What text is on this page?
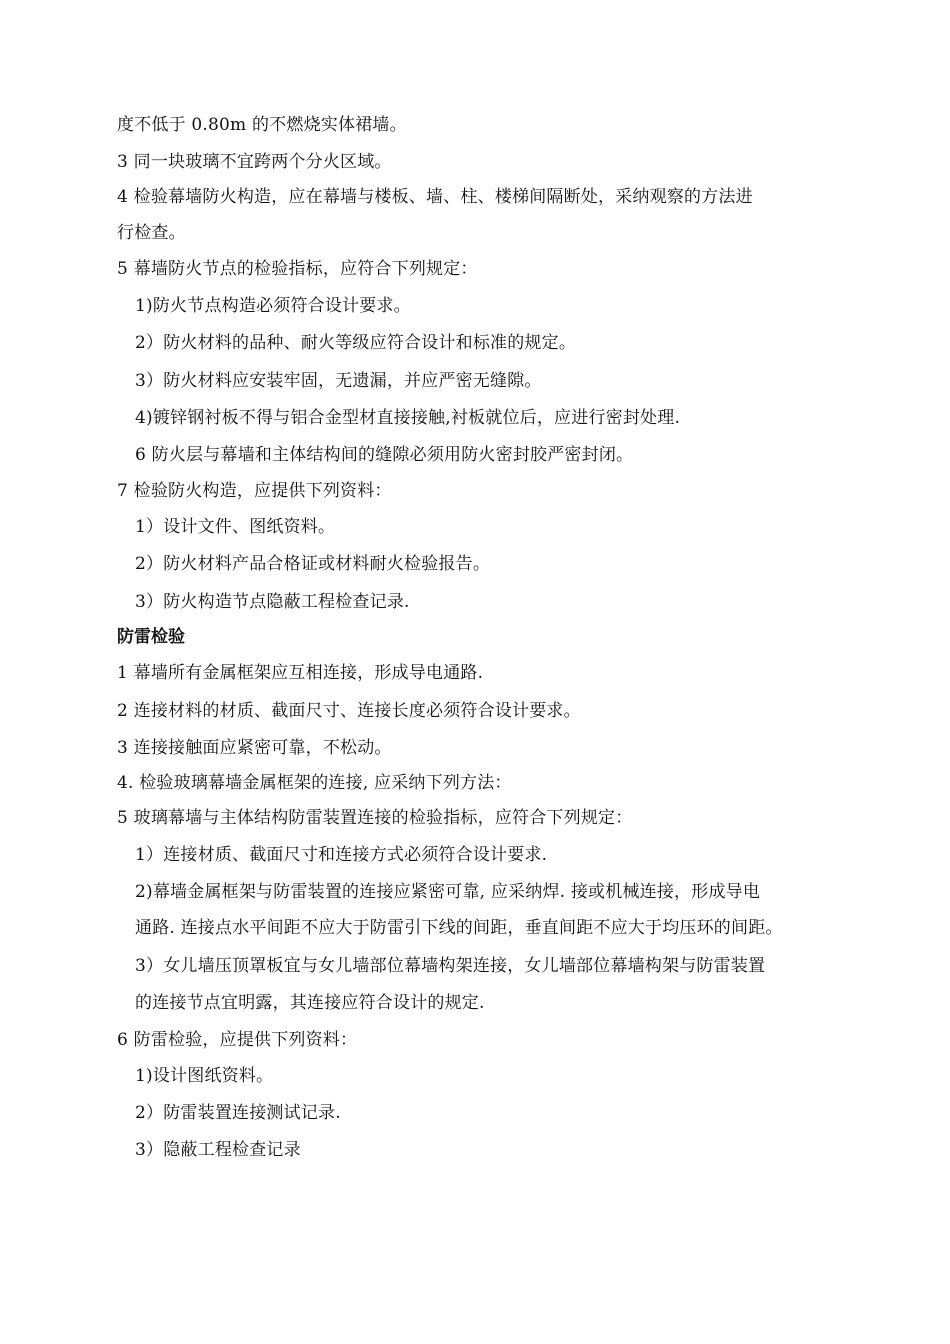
度不低于 0.80m 的不燃烧实体裙墙。
3 同一块玻璃不宜跨两个分火区域。
4 检验幕墙防火构造，应在幕墙与楼板、墙、柱、楼梯间隔断处，采纳观察的方法进
行检查。
5 幕墙防火节点的检验指标，应符合下列规定：
1)防火节点构造必须符合设计要求。
2）防火材料的品种、耐火等级应符合设计和标准的规定。
3）防火材料应安装牢固，无遗漏，并应严密无缝隙。
4)镀锌钢衬板不得与铝合金型材直接接触,衬板就位后，应进行密封处理.
6 防火层与幕墙和主体结构间的缝隙必须用防火密封胶严密封闭。
7 检验防火构造，应提供下列资料：
1）设计文件、图纸资料。
2）防火材料产品合格证或材料耐火检验报告。
3）防火构造节点隐蔽工程检查记录.
防雷检验
1 幕墙所有金属框架应互相连接，形成导电通路.
2 连接材料的材质、截面尺寸、连接长度必须符合设计要求。
3 连接接触面应紧密可靠，不松动。
4. 检验玻璃幕墙金属框架的连接, 应采纳下列方法：
5 玻璃幕墙与主体结构防雷装置连接的检验指标，应符合下列规定：
1）连接材质、截面尺寸和连接方式必须符合设计要求.
2)幕墙金属框架与防雷装置的连接应紧密可靠, 应采纳焊. 接或机械连接，形成导电
通路. 连接点水平间距不应大于防雷引下线的间距，垂直间距不应大于均压环的间距。
3）女儿墙压顶罩板宜与女儿墙部位幕墙构架连接，女儿墙部位幕墙构架与防雷装置
的连接节点宜明露，其连接应符合设计的规定.
6 防雷检验，应提供下列资料：
1)设计图纸资料。
2）防雷装置连接测试记录.
3）隐蔽工程检查记录
